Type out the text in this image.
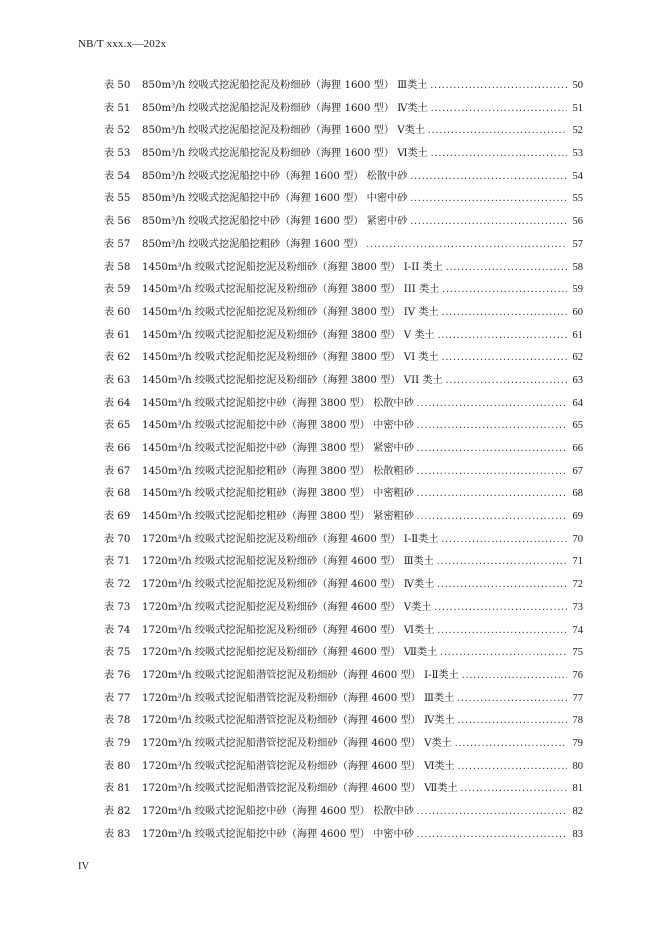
NB/T xxx.x—202x
表 50	850m³/h 绞吸式挖泥船挖泥及粉细砂（海狸 1600 型） Ⅲ类土 .....	50
表 51	850m³/h 绞吸式挖泥船挖泥及粉细砂（海狸 1600 型） Ⅳ类土 .....	51
表 52	850m³/h 绞吸式挖泥船挖泥及粉细砂（海狸 1600 型） Ⅴ类土 .....	52
表 53	850m³/h 绞吸式挖泥船挖泥及粉细砂（海狸 1600 型） Ⅵ类土 .....	53
表 54	850m³/h 绞吸式挖泥船挖中砂（海狸 1600 型） 松散中砂 .....	54
表 55	850m³/h 绞吸式挖泥船挖中砂（海狸 1600 型） 中密中砂 .....	55
表 56	850m³/h 绞吸式挖泥船挖中砂（海狸 1600 型） 紧密中砂 .....	56
表 57	850m³/h 绞吸式挖泥船挖粗砂（海狸 1600 型） .....	57
表 58	1450m³/h 绞吸式挖泥船挖泥及粉细砂（海狸 3800 型） I-II 类土 .....	58
表 59	1450m³/h 绞吸式挖泥船挖泥及粉细砂（海狸 3800 型） III 类土 .....	59
表 60	1450m³/h 绞吸式挖泥船挖泥及粉细砂（海狸 3800 型） IV 类土 .....	60
表 61	1450m³/h 绞吸式挖泥船挖泥及粉细砂（海狸 3800 型） V 类土 .....	61
表 62	1450m³/h 绞吸式挖泥船挖泥及粉细砂（海狸 3800 型） VI 类土 .....	62
表 63	1450m³/h 绞吸式挖泥船挖泥及粉细砂（海狸 3800 型） VII 类土 .....	63
表 64	1450m³/h 绞吸式挖泥船挖中砂（海狸 3800 型） 松散中砂 .....	64
表 65	1450m³/h 绞吸式挖泥船挖中砂（海狸 3800 型） 中密中砂 .....	65
表 66	1450m³/h 绞吸式挖泥船挖中砂（海狸 3800 型） 紧密中砂 .....	66
表 67	1450m³/h 绞吸式挖泥船挖粗砂（海狸 3800 型） 松散粗砂 .....	67
表 68	1450m³/h 绞吸式挖泥船挖粗砂（海狸 3800 型） 中密粗砂 .....	68
表 69	1450m³/h 绞吸式挖泥船挖粗砂（海狸 3800 型） 紧密粗砂 .....	69
表 70	1720m³/h 绞吸式挖泥船挖泥及粉细砂（海狸 4600 型） Ⅰ-Ⅱ类土 .....	70
表 71	1720m³/h 绞吸式挖泥船挖泥及粉细砂（海狸 4600 型） Ⅲ类土 .....	71
表 72	1720m³/h 绞吸式挖泥船挖泥及粉细砂（海狸 4600 型） Ⅳ类土 .....	72
表 73	1720m³/h 绞吸式挖泥船挖泥及粉细砂（海狸 4600 型） Ⅴ类土 .....	73
表 74	1720m³/h 绞吸式挖泥船挖泥及粉细砂（海狸 4600 型） Ⅵ类土 .....	74
表 75	1720m³/h 绞吸式挖泥船挖泥及粉细砂（海狸 4600 型） Ⅶ类土 .....	75
表 76	1720m³/h 绞吸式挖泥船潜管挖泥及粉细砂（海狸 4600 型） Ⅰ-Ⅱ类土 .....	76
表 77	1720m³/h 绞吸式挖泥船潜管挖泥及粉细砂（海狸 4600 型） Ⅲ类土 .....	77
表 78	1720m³/h 绞吸式挖泥船潜管挖泥及粉细砂（海狸 4600 型） Ⅳ类土 .....	78
表 79	1720m³/h 绞吸式挖泥船潜管挖泥及粉细砂（海狸 4600 型） Ⅴ类土 .....	79
表 80	1720m³/h 绞吸式挖泥船潜管挖泥及粉细砂（海狸 4600 型） Ⅵ类土 .....	80
表 81	1720m³/h 绞吸式挖泥船潜管挖泥及粉细砂（海狸 4600 型） Ⅶ类土 .....	81
表 82	1720m³/h 绞吸式挖泥船挖中砂（海狸 4600 型） 松散中砂 .....	82
表 83	1720m³/h 绞吸式挖泥船挖中砂（海狸 4600 型） 中密中砂 .....	83
IV
